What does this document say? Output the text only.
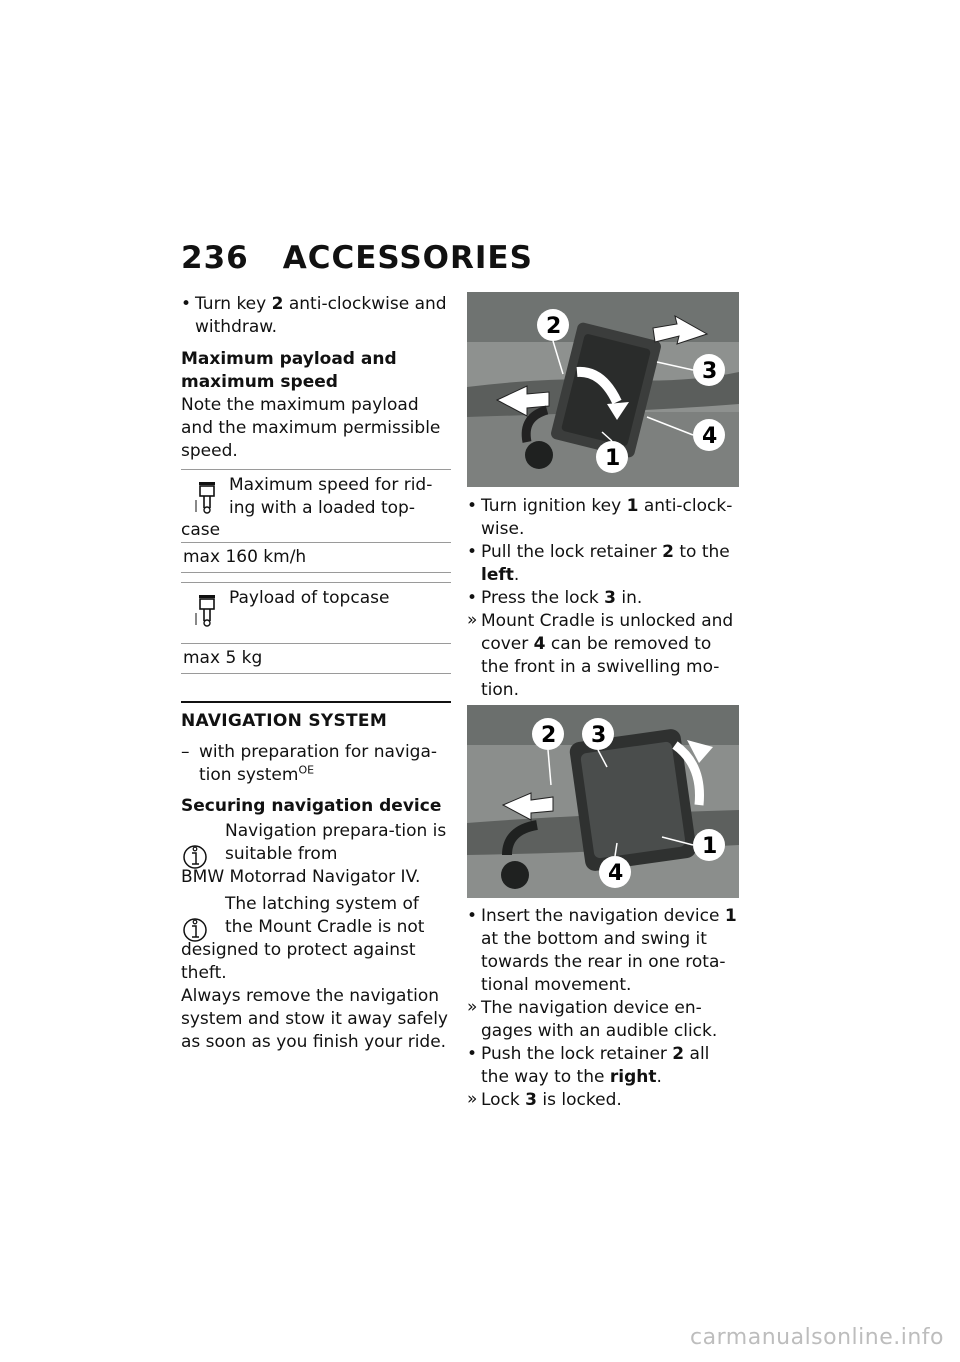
236 ACCESSORIES
• Turn key 2 anti-clockwise and withdraw.
Maximum payload and maximum speed
Note the maximum payload and the maximum permissible speed.
Maximum speed for rid-ing with a loaded top-
case
max 160 km/h
Payload of topcase
max 5 kg
NAVIGATION SYSTEM
– with preparation for naviga-tion system$^{OE}$
Securing navigation device
Navigation prepara-tion is suitable from
BMW Motorrad Navigator IV.
The latching system of the Mount Cradle is not
designed to protect against theft.
Always remove the navigation system and stow it away safely as soon as you finish your ride.
2
3
4
1
• Turn ignition key 1 anti-clock-wise.
• Pull the lock retainer 2 to the left.
• Press the lock 3 in.
» Mount Cradle is unlocked and cover 4 can be removed to the front in a swivelling mo-tion.
2 3
1
4
• Insert the navigation device 1 at the bottom and swing it towards the rear in one rota-tional movement.
» The navigation device en-gages with an audible click.
• Push the lock retainer 2 all the way to the right.
» Lock 3 is locked.
carmanualsonline.info
